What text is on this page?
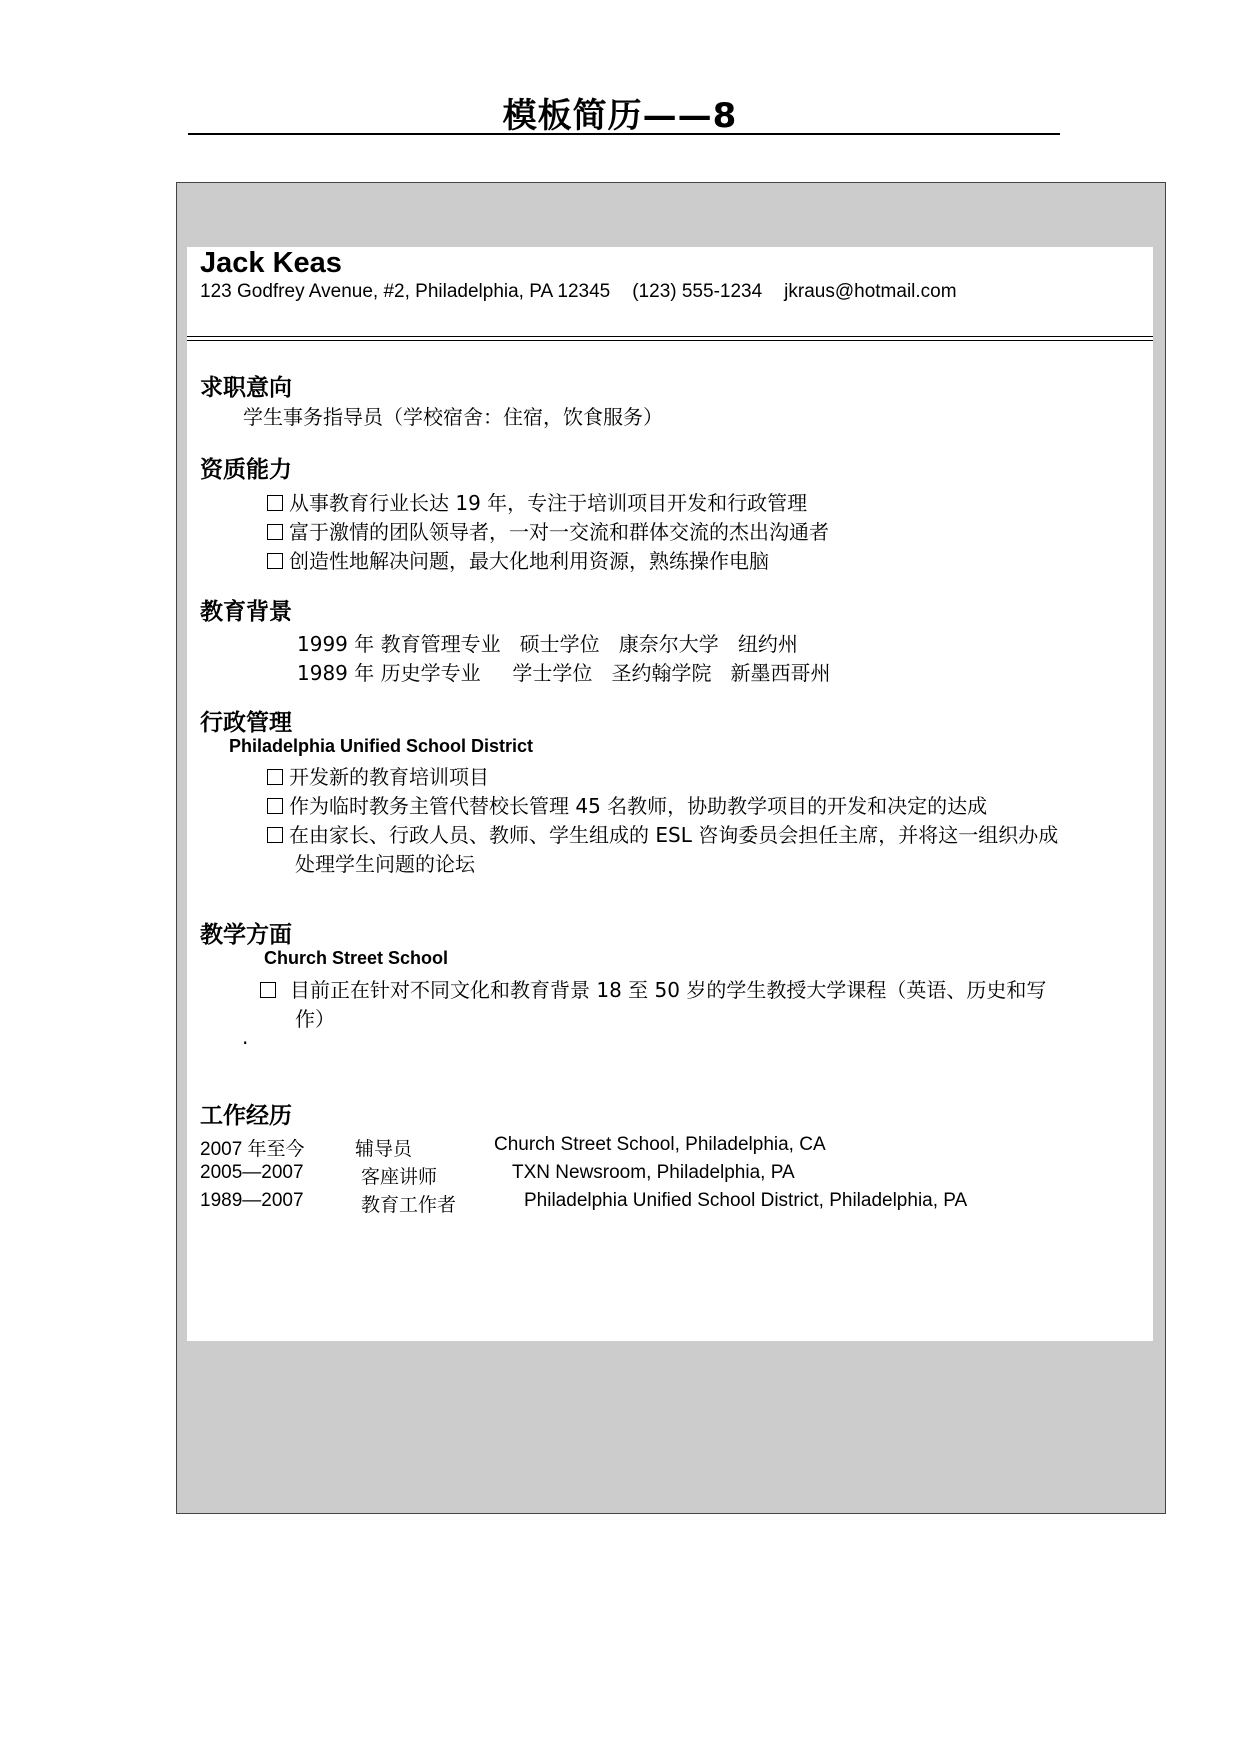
模板简历——8
Jack Keas
123 Godfrey Avenue, #2, Philadelphia, PA 12345 (123) 555-1234 jkraus@hotmail.com
求职意向
学生事务指导员（学校宿舍：住宿，饮食服务）
资质能力
从事教育行业长达 19 年，专注于培训项目开发和行政管理
富于激情的团队领导者，一对一交流和群体交流的杰出沟通者
创造性地解决问题，最大化地利用资源，熟练操作电脑
教育背景
1999 年 教育管理专业   硕士学位   康奈尔大学   纽约州
1989 年 历史学专业     学士学位   圣约翰学院   新墨西哥州
行政管理
Philadelphia Unified School District
开发新的教育培训项目
作为临时教务主管代替校长管理 45 名教师，协助教学项目的开发和决定的达成
在由家长、行政人员、教师、学生组成的 ESL 咨询委员会担任主席，并将这一组织办成
处理学生问题的论坛
教学方面
Church Street School
目前正在针对不同文化和教育背景 18 至 50 岁的学生教授大学课程（英语、历史和写
作）
.
工作经历
2007 年至今	辅导员	Church Street School, Philadelphia, CA
2005—2007	客座讲师	TXN Newsroom, Philadelphia, PA
1989—2007	教育工作者	Philadelphia Unified School District, Philadelphia, PA
